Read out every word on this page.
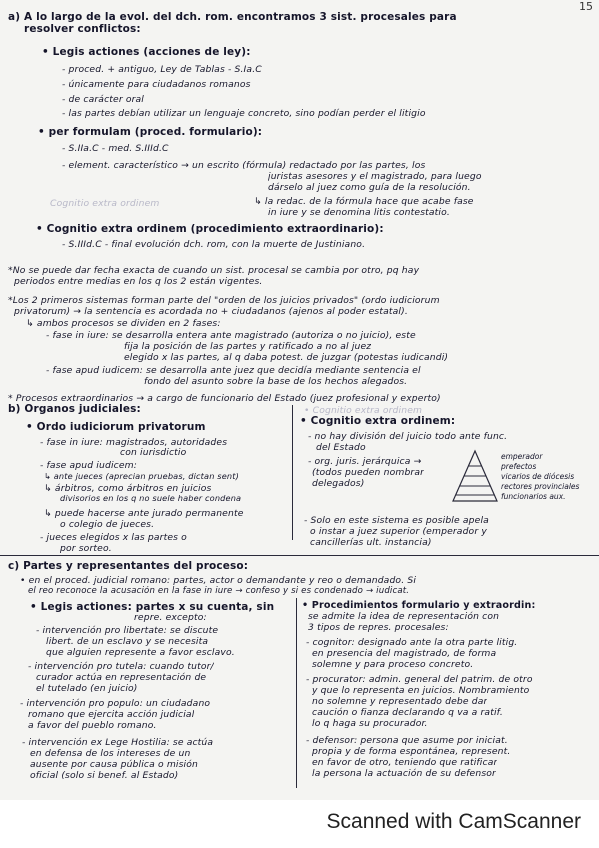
15
a) A lo largo de la evol. del dch. rom. encontramos 3 sist. procesales para
resolver conflictos:
• Legis actiones (acciones de ley):
- proced. + antiguo, Ley de Tablas - S.Ia.C
- únicamente para ciudadanos romanos
- de carácter oral
- las partes debían utilizar un lenguaje concreto, sino podían perder el litigio
• per formulam (proced. formulario):
- S.IIa.C - med. S.IIId.C
- element. característico → un escrito (fórmula) redactado por las partes, los
juristas asesores y el magistrado, para luego
dárselo al juez como guía de la resolución.
↳ la redac. de la fórmula hace que acabe fase
in iure y se denomina litis contestatio.
Cognitio extra ordinem
• Cognitio extra ordinem (procedimiento extraordinario):
- S.IIId.C - final evolución dch. rom, con la muerte de Justiniano.
*No se puede dar fecha exacta de cuando un sist. procesal se cambia por otro, pq hay
periodos entre medias en los q los 2 están vigentes.
*Los 2 primeros sistemas forman parte del "orden de los juicios privados" (ordo iudiciorum
privatorum) → la sentencia es acordada no + ciudadanos (ajenos al poder estatal).
↳ ambos procesos se dividen en 2 fases:
- fase in iure: se desarrolla entera ante magistrado (autoriza o no juicio), este
fija la posición de las partes y ratificado a no al juez
elegido x las partes, al q daba potest. de juzgar (potestas iudicandi)
- fase apud iudicem: se desarrolla ante juez que decidía mediante sentencia el
fondo del asunto sobre la base de los hechos alegados.
* Procesos extraordinarios → a cargo de funcionario del Estado (juez profesional y experto)
b) Órganos judiciales:
• Ordo iudiciorum privatorum
- fase in iure: magistrados, autoridades
con iurisdictio
- fase apud iudicem:
↳ ante jueces (aprecian pruebas, dictan sent)
↳ árbitros, como árbitros en juicios
divisorios en los q no suele haber condena
↳ puede hacerse ante jurado permanente
o colegio de jueces.
- jueces elegidos x las partes o
por sorteo.
• Cognitio extra ordinem
• Cognitio extra ordinem:
- no hay división del juicio todo ante func.
del Estado
- org. juris. jerárquica →
(todos pueden nombrar
delegados)
emperador
prefectos
vicarios de diócesis
rectores provinciales
funcionarios aux.
- Solo en este sistema es posible apela
o instar a juez superior (emperador y
cancillerías ult. instancia)
c) Partes y representantes del proceso:
• en el proced. judicial romano: partes, actor o demandante y reo o demandado. Si
el reo reconoce la acusación en la fase in iure → confeso y si es condenado → iudicat.
• Legis actiones: partes x su cuenta, sin
repre. excepto:
- intervención pro libertate: se discute
libert. de un esclavo y se necesita
que alguien represente a favor esclavo.
- intervención pro tutela: cuando tutor/
curador actúa en representación de
el tutelado (en juicio)
- intervención pro populo: un ciudadano
romano que ejercita acción judicial
a favor del pueblo romano.
- intervención ex Lege Hostilia: se actúa
en defensa de los intereses de un
ausente por causa pública o misión
oficial (solo si benef. al Estado)
• Procedimientos formulario y extraordin:
se admite la idea de representación con
3 tipos de repres. procesales:
- cognitor: designado ante la otra parte litig.
en presencia del magistrado, de forma
solemne y para proceso concreto.
- procurator: admin. general del patrim. de otro
y que lo representa en juicios. Nombramiento
no solemne y representado debe dar
caución o fianza declarando q va a ratif.
lo q haga su procurador.
- defensor: persona que asume por iniciat.
propia y de forma espontánea, represent.
en favor de otro, teniendo que ratificar
la persona la actuación de su defensor
Scanned with CamScanner
